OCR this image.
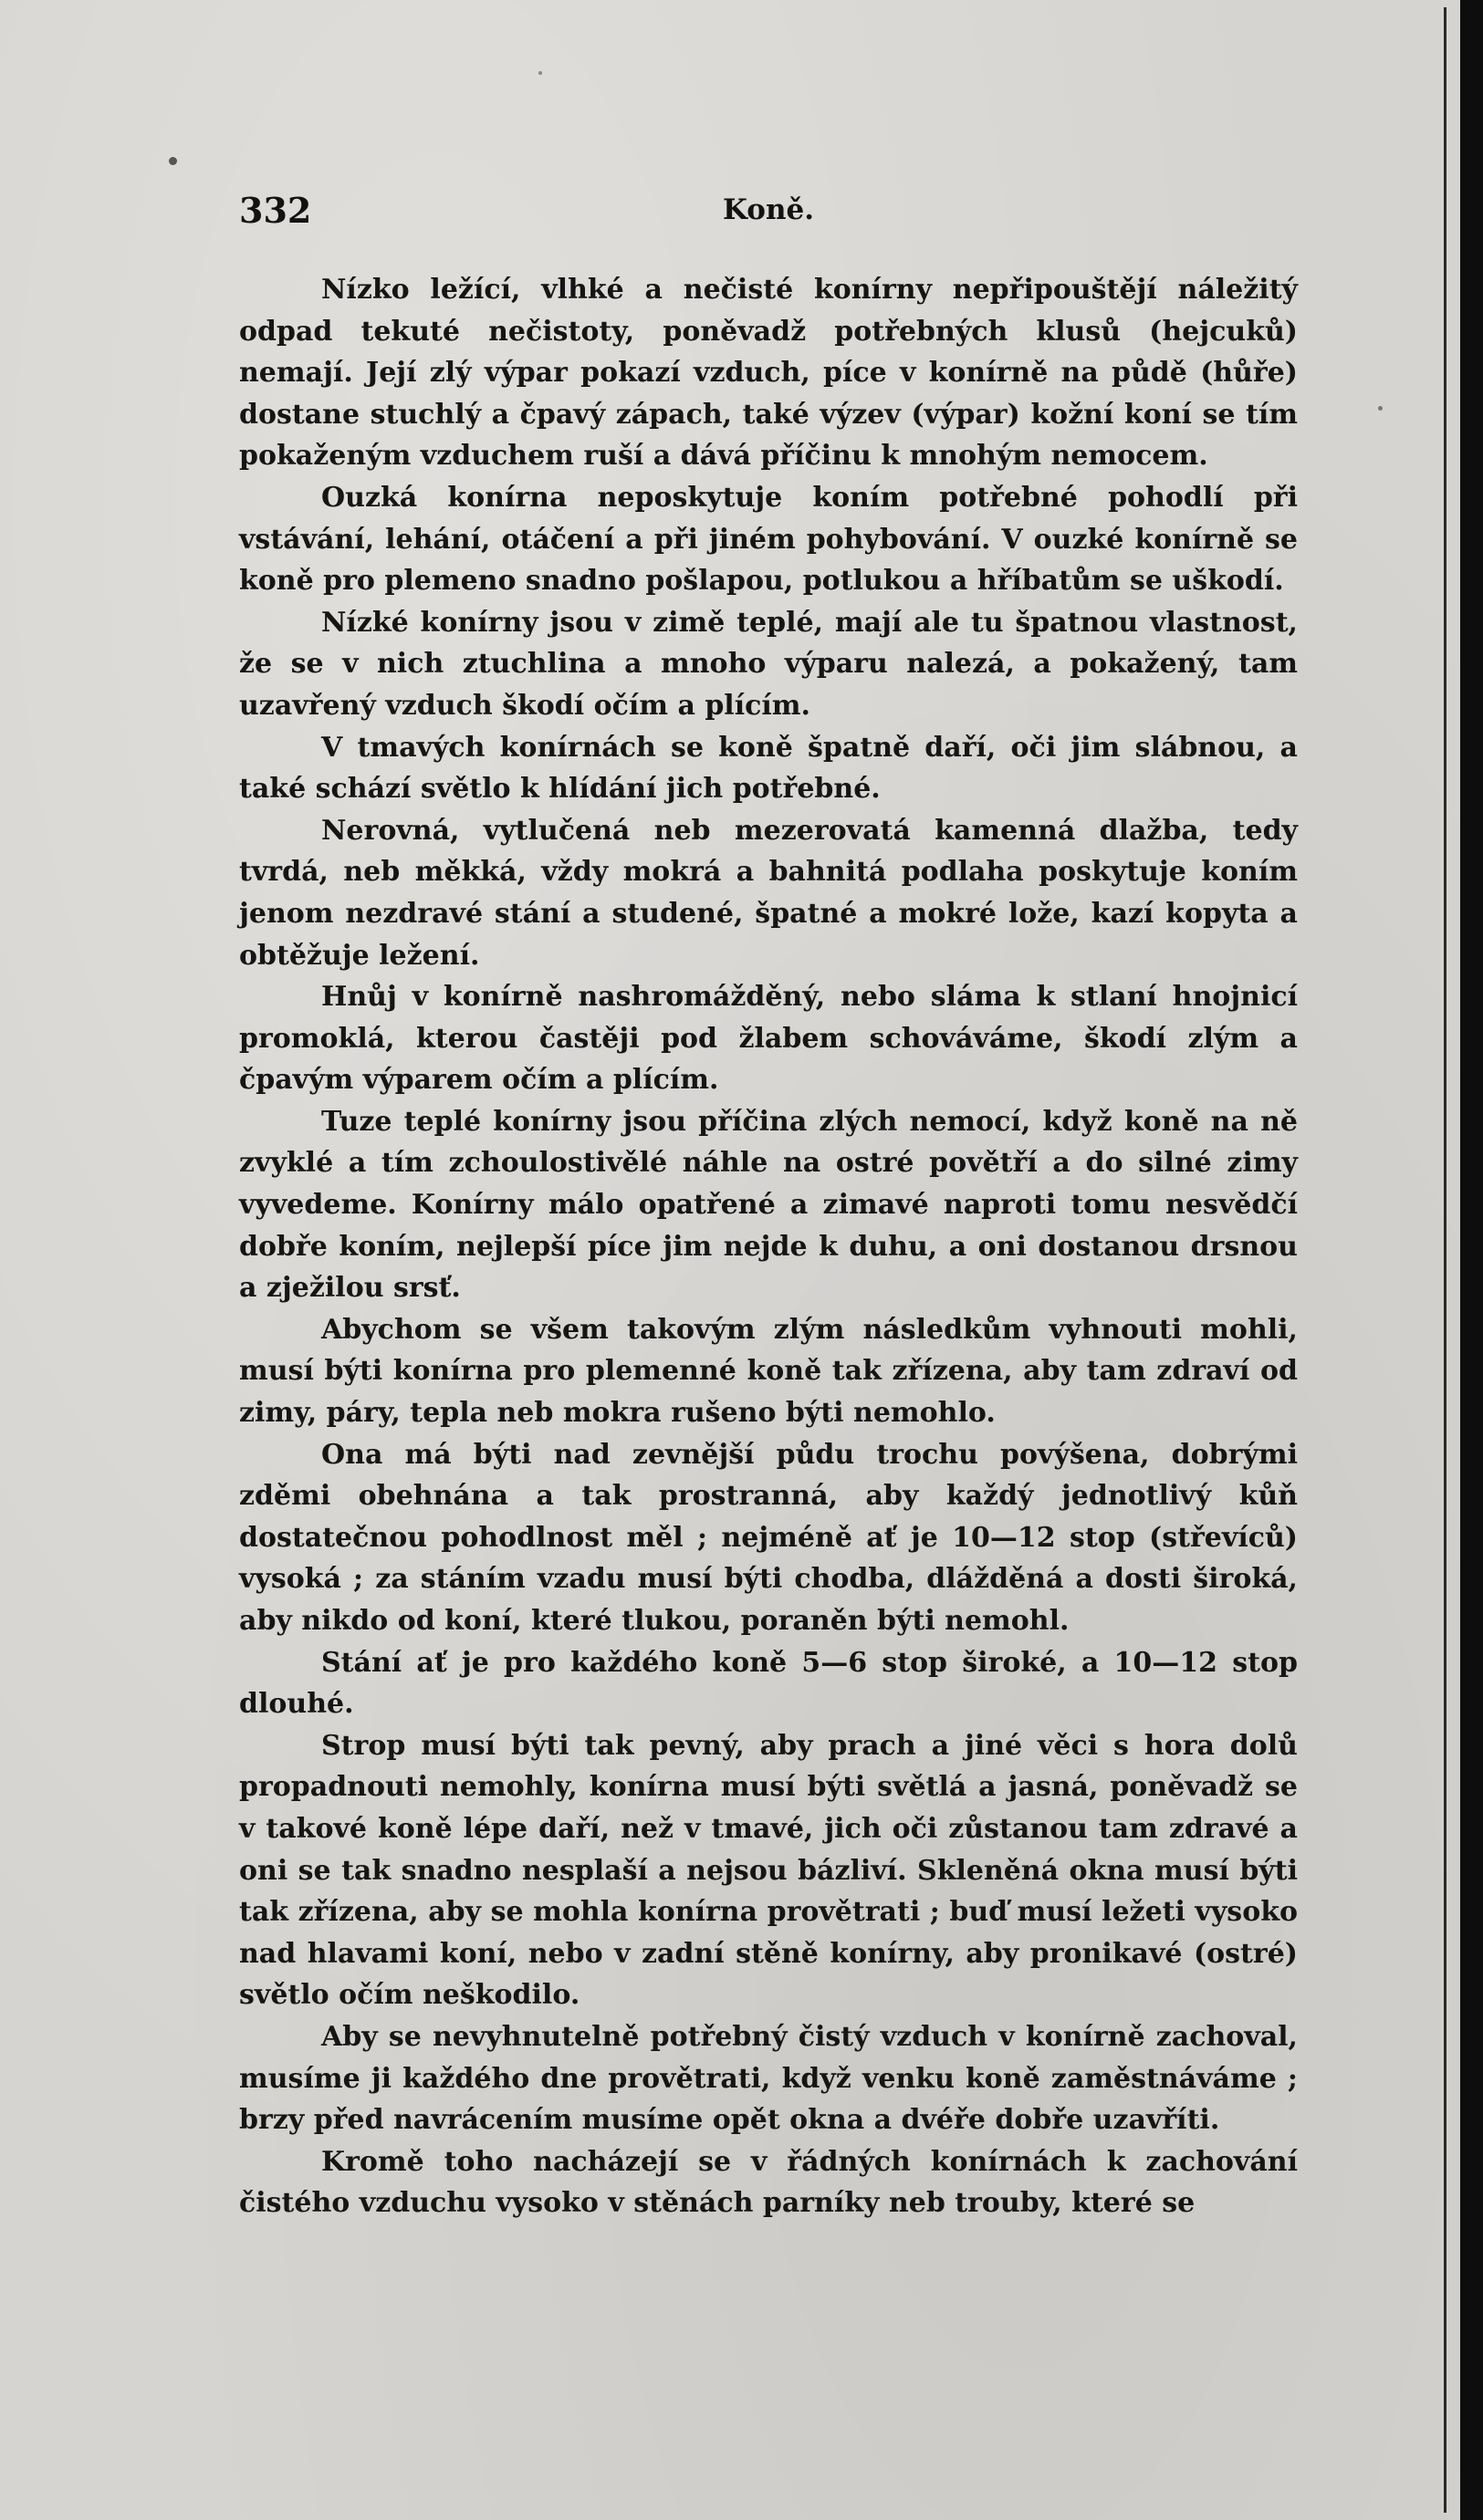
332	Koně.

Nízko ležící, vlhké a nečisté konírny nepřipouštějí náležitý odpad tekuté nečistoty, poněvadž potřebných klusů (hejcuků) nemají. Její zlý výpar pokazí vzduch, píce v konírně na půdě (hůře) dostane stuchlý a čpavý zápach, také výzev (výpar) kožní koní se tím pokaženým vzduchem ruší a dává příčinu k mnohým nemocem.

Ouzká konírna neposkytuje koním potřebné pohodlí při vstávání, lehání, otáčení a při jiném pohybování. V ouzké konírně se koně pro plemeno snadno pošlapou, potlukou a hříbatům se uškodí.

Nízké konírny jsou v zimě teplé, mají ale tu špatnou vlastnost, že se v nich ztuchlina a mnoho výparu nalezá, a pokažený, tam uzavřený vzduch škodí očím a plícím.

V tmavých konírnách se koně špatně daří, oči jim slábnou, a také schází světlo k hlídání jich potřebné.

Nerovná, vytlučená neb mezerovatá kamenná dlažba, tedy tvrdá, neb měkká, vždy mokrá a bahnitá podlaha poskytuje koním jenom nezdravé stání a studené, špatné a mokré lože, kazí kopyta a obtěžuje ležení.

Hnůj v konírně nashromážděný, nebo sláma k stlaní hnojnicí promoklá, kterou častěji pod žlabem schováváme, škodí zlým a čpavým výparem očím a plícím.

Tuze teplé konírny jsou příčina zlých nemocí, když koně na ně zvyklé a tím zchoulostivělé náhle na ostré povětří a do silné zimy vyvedeme. Konírny málo opatřené a zimavé naproti tomu nesvědčí dobře koním, nejlepší píce jim nejde k duhu, a oni dostanou drsnou a zježilou srsť.

Abychom se všem takovým zlým následkům vyhnouti mohli, musí býti konírna pro plemenné koně tak zřízena, aby tam zdraví od zimy, páry, tepla neb mokra rušeno býti nemohlo.

Ona má býti nad zevnější půdu trochu povýšena, dobrými zděmi obehnána a tak prostranná, aby každý jednotlivý kůň dostatečnou pohodlnost měl ; nejméně ať je 10—12 stop (střevíců) vysoká ; za stáním vzadu musí býti chodba, dlážděná a dosti široká, aby nikdo od koní, které tlukou, poraněn býti nemohl.

Stání ať je pro každého koně 5—6 stop široké, a 10—12 stop dlouhé.

Strop musí býti tak pevný, aby prach a jiné věci s hora dolů propadnouti nemohly, konírna musí býti světlá a jasná, poněvadž se v takové koně lépe daří, než v tmavé, jich oči zůstanou tam zdravé a oni se tak snadno nesplaší a nejsou bázliví. Skleněná okna musí býti tak zřízena, aby se mohla konírna provětrati ; buď musí ležeti vysoko nad hlavami koní, nebo v zadní stěně konírny, aby pronikavé (ostré) světlo očím neškodilo.

Aby se nevyhnutelně potřebný čistý vzduch v konírně zachoval, musíme ji každého dne provětrati, když venku koně zaměstnáváme ; brzy před navrácením musíme opět okna a dvéře dobře uzavříti.

Kromě toho nacházejí se v řádných konírnách k zachování čistého vzduchu vysoko v stěnách parníky neb trouby, které se
